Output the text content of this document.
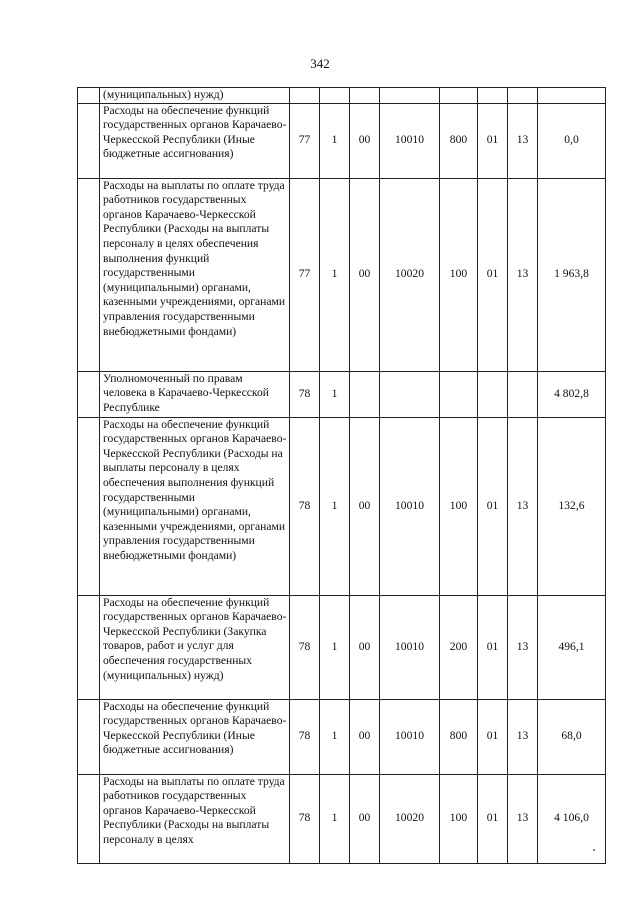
342
	(муниципальных) нужд)								
	Расходы на обеспечение функций государственных органов Карачаево-Черкесской Республики (Иные бюджетные ассигнования)	77	1	00	10010	800	01	13	0,0
	Расходы на выплаты по оплате труда работников государственных органов Карачаево-Черкесской Республики (Расходы на выплаты персоналу в целях обеспечения выполнения функций государственными (муниципальными) органами, казенными учреждениями, органами управления государственными внебюджетными фондами)	77	1	00	10020	100	01	13	1 963,8
	Уполномоченный по правам человека в Карачаево-Черкесской Республике	78	1						4 802,8
	Расходы на обеспечение функций государственных органов Карачаево-Черкесской Республики (Расходы на выплаты персоналу в целях обеспечения выполнения функций государственными (муниципальными) органами, казенными учреждениями, органами управления государственными внебюджетными фондами)	78	1	00	10010	100	01	13	132,6
	Расходы на обеспечение функций государственных органов Карачаево-Черкесской Республики (Закупка товаров, работ и услуг для обеспечения государственных (муниципальных) нужд)	78	1	00	10010	200	01	13	496,1
	Расходы на обеспечение функций государственных органов Карачаево-Черкесской Республики (Иные бюджетные ассигнования)	78	1	00	10010	800	01	13	68,0
	Расходы на выплаты по оплате труда работников государственных органов Карачаево-Черкесской Республики (Расходы на выплаты персоналу в целях	78	1	00	10020	100	01	13	4 106,0
